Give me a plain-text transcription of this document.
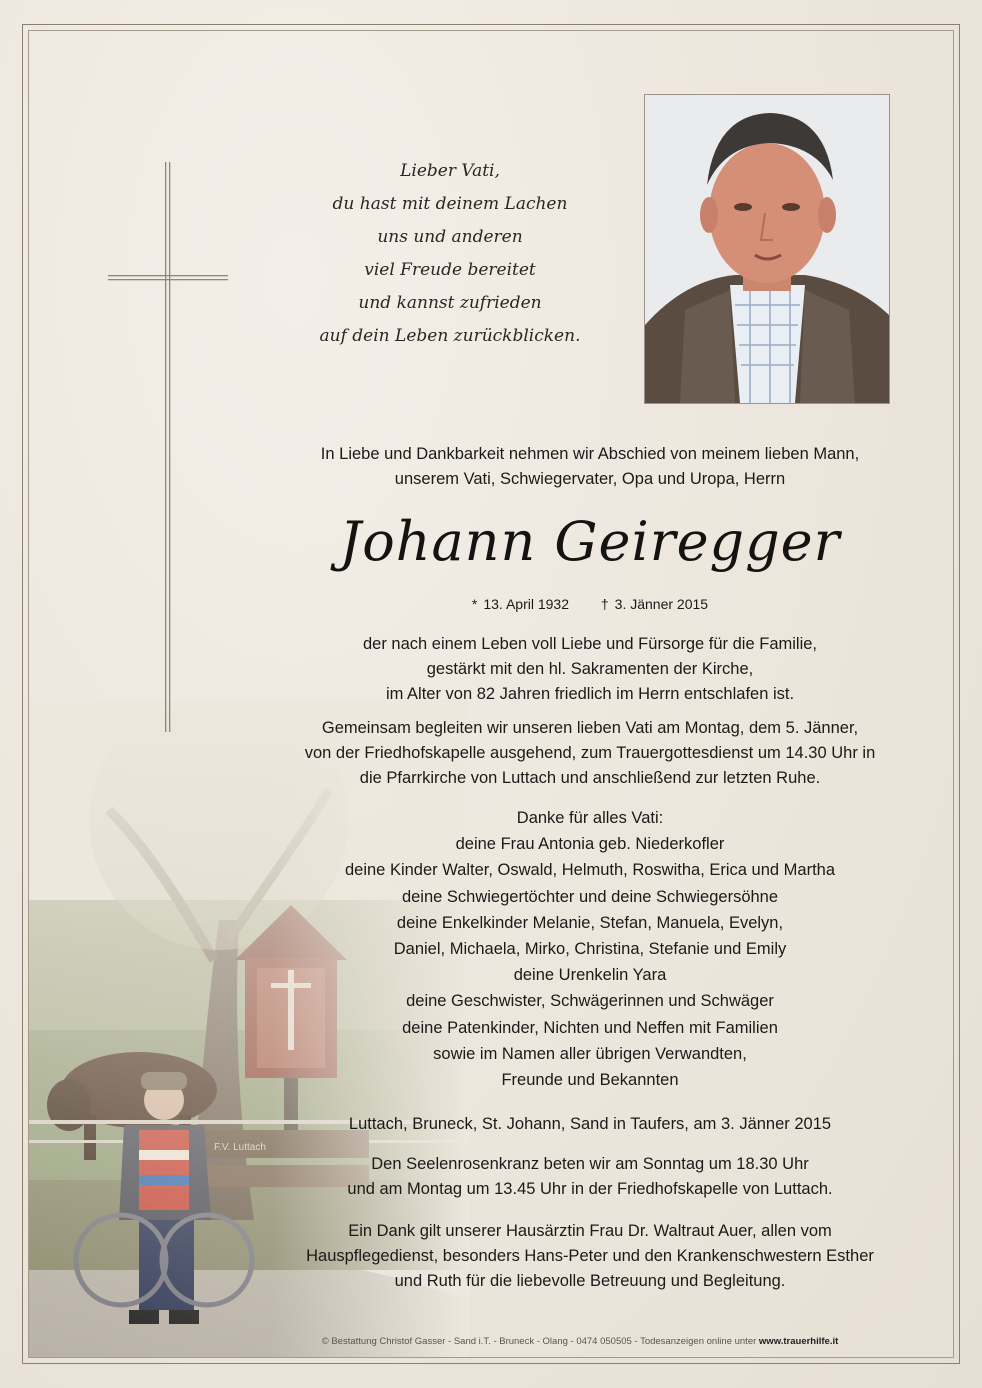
Lieber Vati,
du hast mit deinem Lachen
uns und anderen
viel Freude bereitet
und kannst zufrieden
auf dein Leben zurückblicken.
In Liebe und Dankbarkeit nehmen wir Abschied von meinem lieben Mann,
unserem Vati, Schwiegervater, Opa und Uropa, Herrn
Johann Geiregger
* 13. April 1932 † 3. Jänner 2015
der nach einem Leben voll Liebe und Fürsorge für die Familie,
gestärkt mit den hl. Sakramenten der Kirche,
im Alter von 82 Jahren friedlich im Herrn entschlafen ist.
Gemeinsam begleiten wir unseren lieben Vati am Montag, dem 5. Jänner,
von der Friedhofskapelle ausgehend, zum Trauergottesdienst um 14.30 Uhr in
die Pfarrkirche von Luttach und anschließend zur letzten Ruhe.
Danke für alles Vati:
deine Frau Antonia geb. Niederkofler
deine Kinder Walter, Oswald, Helmuth, Roswitha, Erica und Martha
deine Schwiegertöchter und deine Schwiegersöhne
deine Enkelkinder Melanie, Stefan, Manuela, Evelyn,
Daniel, Michaela, Mirko, Christina, Stefanie und Emily
deine Urenkelin Yara
deine Geschwister, Schwägerinnen und Schwäger
deine Patenkinder, Nichten und Neffen mit Familien
sowie im Namen aller übrigen Verwandten,
Freunde und Bekannten
Luttach, Bruneck, St. Johann, Sand in Taufers, am 3. Jänner 2015
Den Seelenrosenkranz beten wir am Sonntag um 18.30 Uhr
und am Montag um 13.45 Uhr in der Friedhofskapelle von Luttach.
Ein Dank gilt unserer Hausärztin Frau Dr. Waltraut Auer, allen vom
Hauspflegedienst, besonders Hans-Peter und den Krankenschwestern Esther
und Ruth für die liebevolle Betreuung und Begleitung.
© Bestattung Christof Gasser - Sand i.T. - Bruneck - Olang - 0474 050505 - Todesanzeigen online unter www.trauerhilfe.it
